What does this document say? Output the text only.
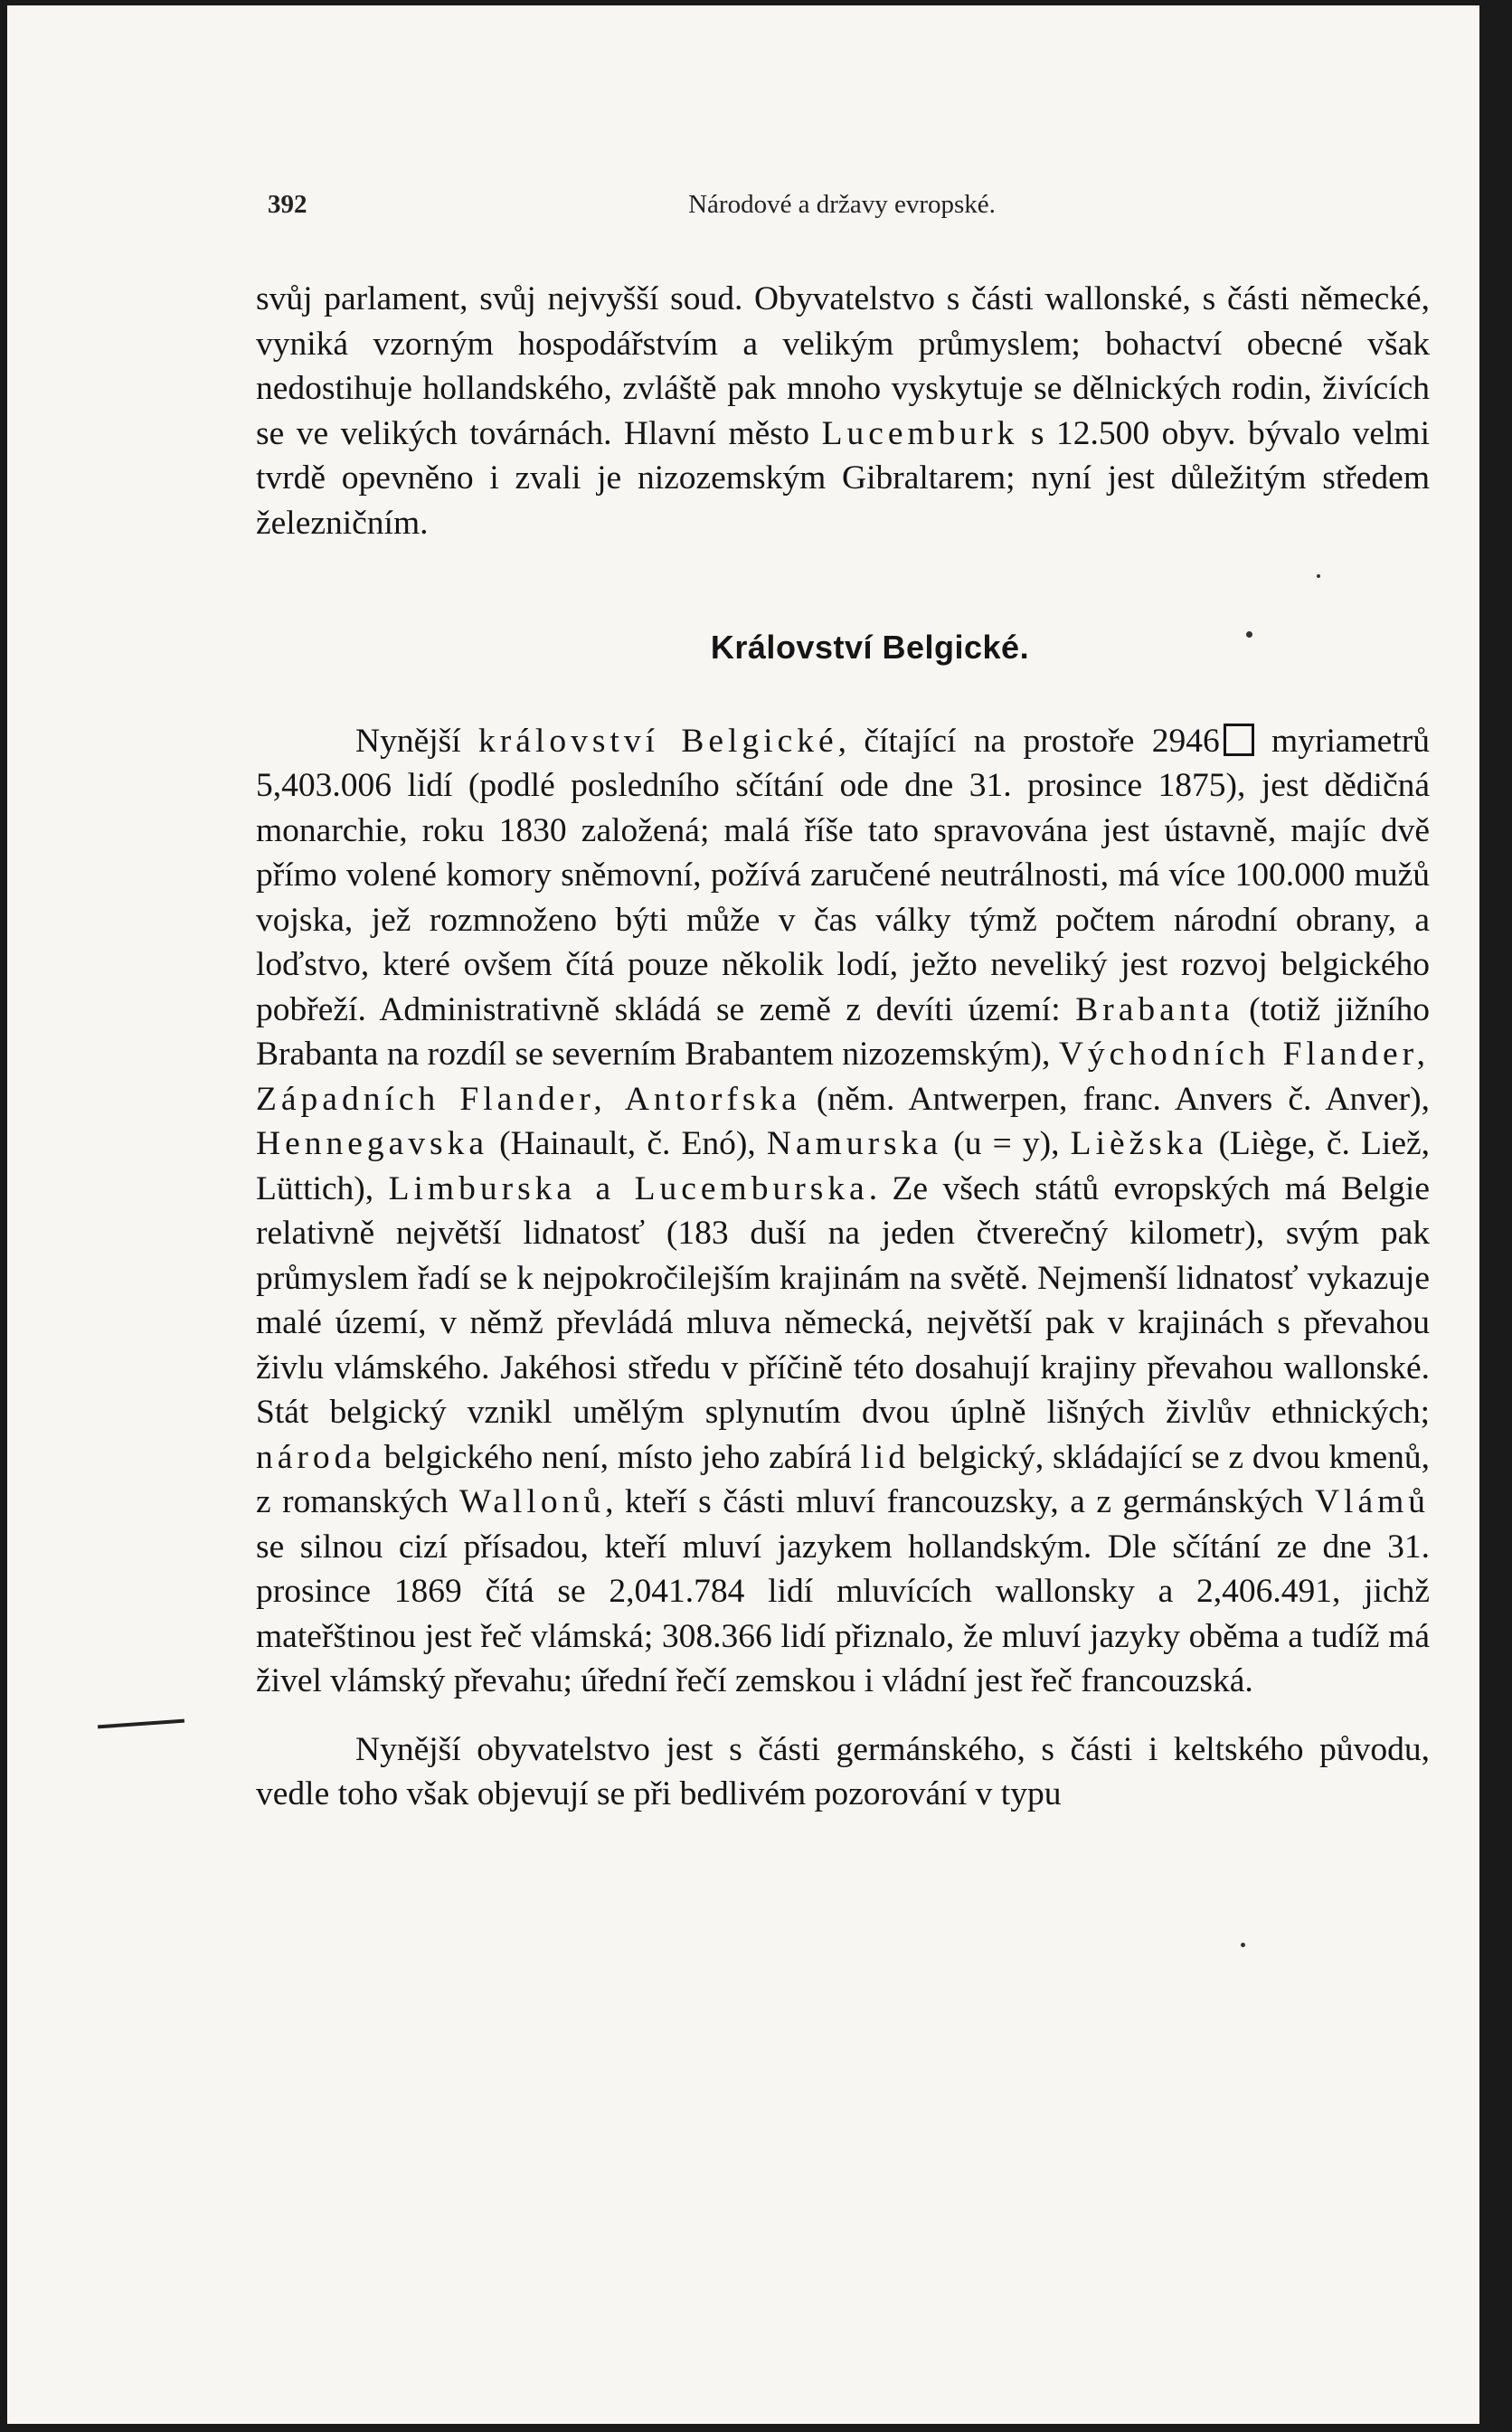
392	Národové a državy evropské.

svůj parlament, svůj nejvyšší soud. Obyvatelstvo s části wallonské, s části německé, vyniká vzorným hospodářstvím a velikým průmyslem; bohactví obecné však nedostihuje hollandského, zvláště pak mnoho vyskytuje se dělnických rodin, živících se ve velikých továrnách. Hlavní město Lucemburk s 12.500 obyv. bývalo velmi tvrdě opevněno i zvali je nizozemským Gibraltarem; nyní jest důležitým středem železničním.

Království Belgické.

Nynější království Belgické, čítající na prostoře 2946 myriametrů 5,403.006 lidí (podlé posledního sčítání ode dne 31. prosince 1875), jest dědičná monarchie, roku 1830 založená; malá říše tato spravována jest ústavně, majíc dvě přímo volené komory sněmovní, požívá zaručené neutrálnosti, má více 100.000 mužů vojska, jež rozmnoženo býti může v čas války týmž počtem národní obrany, a loďstvo, které ovšem čítá pouze několik lodí, ježto neveliký jest rozvoj belgického pobřeží. Administrativně skládá se země z devíti území: Brabanta (totiž jižního Brabanta na rozdíl se severním Brabantem nizozemským), Východních Flander, Západních Flander, Antorfska (něm. Antwerpen, franc. Anvers č. Anver), Hennegavska (Hainault, č. Enó), Namurska (u = y), Lièžska (Liège, č. Liež, Lüttich), Limburska a Lucemburska. Ze všech států evropských má Belgie relativně největší lidnatosť (183 duší na jeden čtverečný kilometr), svým pak průmyslem řadí se k nejpokročilejším krajinám na světě. Nejmenší lidnatosť vykazuje malé území, v němž převládá mluva německá, největší pak v krajinách s převahou živlu vlámského. Jakéhosi středu v příčině této dosahují krajiny převahou wallonské. Stát belgický vznikl umělým splynutím dvou úplně lišných živlův ethnických; národa belgického není, místo jeho zabírá lid belgický, skládající se z dvou kmenů, z romanských Wallonů, kteří s části mluví francouzsky, a z germánských Vlámů se silnou cizí přísadou, kteří mluví jazykem hollandským. Dle sčítání ze dne 31. prosince 1869 čítá se 2,041.784 lidí mluvících wallonsky a 2,406.491, jichž mateřštinou jest řeč vlámská; 308.366 lidí přiznalo, že mluví jazyky oběma a tudíž má živel vlámský převahu; úřední řečí zemskou i vládní jest řeč francouzská.

Nynější obyvatelstvo jest s části germánského, s části i keltského původu, vedle toho však objevují se při bedlivém pozorování v typu
